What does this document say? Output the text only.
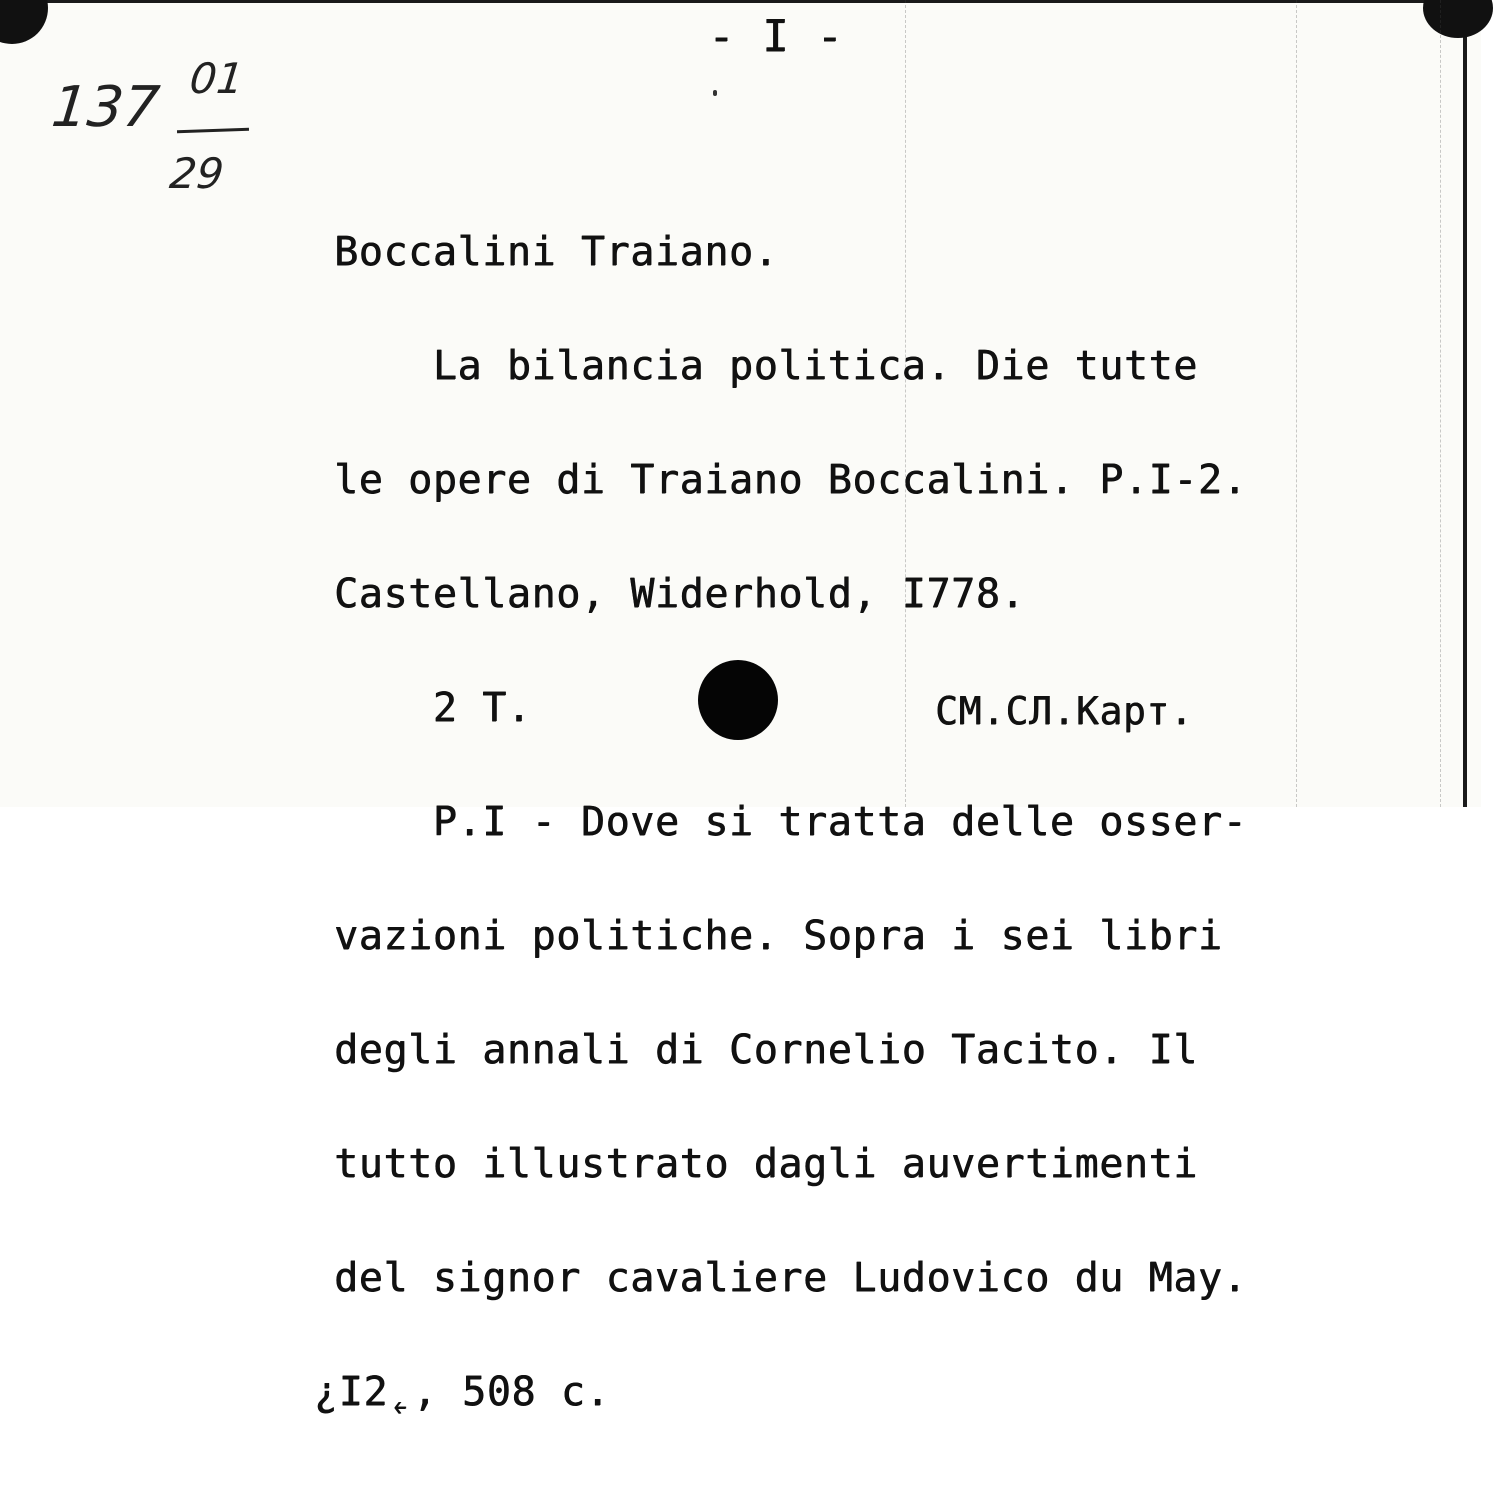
- I -
137 01
29

Boccalini Traiano.

La bilancia politica. Die tutte

le opere di Traiano Boccalini. P.I-2.

Castellano, Widerhold, I778.

2 T.

P.I - Dove si tratta delle osser-

vazioni politiche. Sopra i sei libri

degli annali di Cornelio Tacito. Il

tutto illustrato dagli auvertimenti

del signor cavaliere Ludovico du May.

¿I2˿, 508 c.

СМ.СЛ.Карт.
